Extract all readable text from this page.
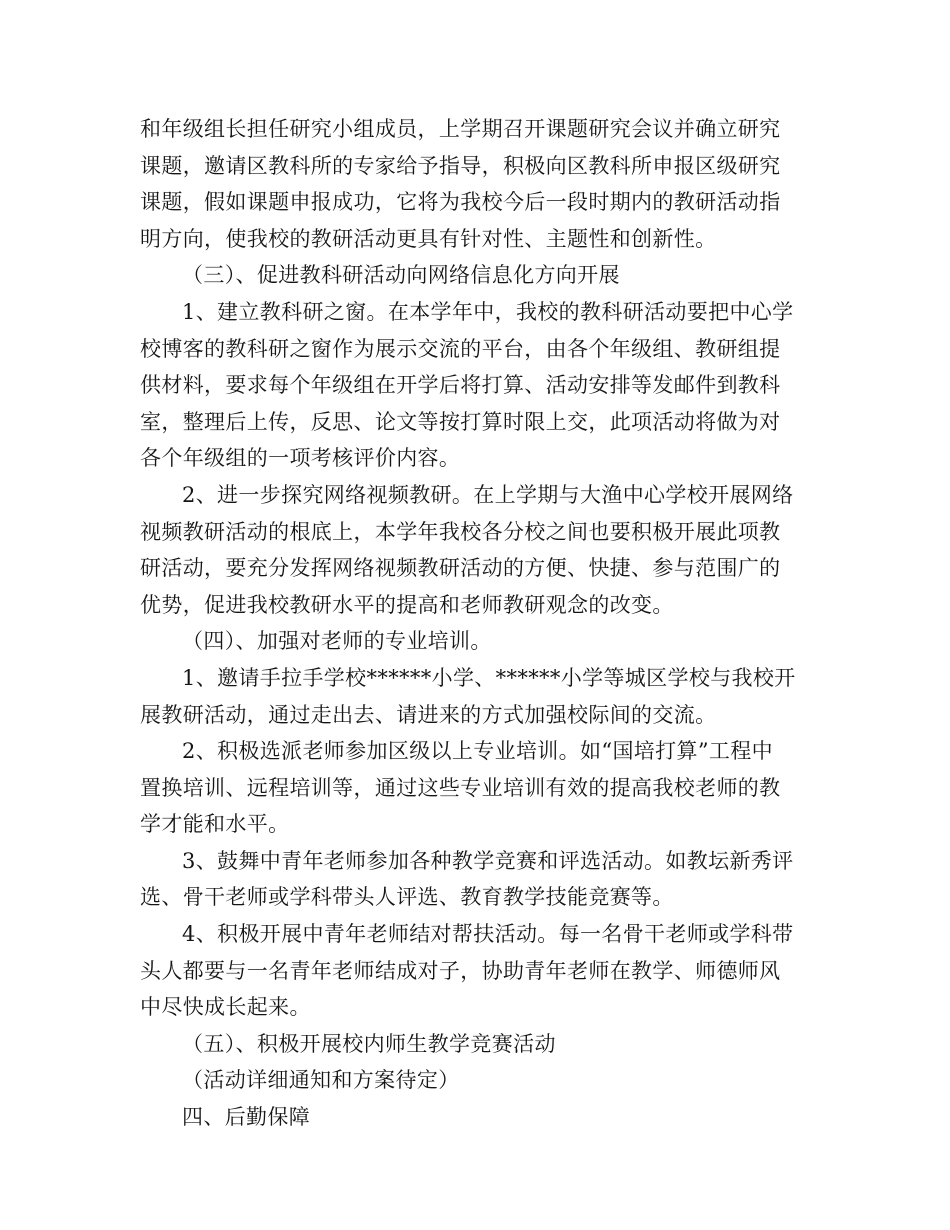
和年级组长担任研究小组成员，上学期召开课题研究会议并确立研究
课题，邀请区教科所的专家给予指导，积极向区教科所申报区级研究
课题，假如课题申报成功，它将为我校今后一段时期内的教研活动指
明方向，使我校的教研活动更具有针对性、主题性和创新性。

（三）、促进教科研活动向网络信息化方向开展

1、建立教科研之窗。在本学年中，我校的教科研活动要把中心学
校博客的教科研之窗作为展示交流的平台，由各个年级组、教研组提
供材料，要求每个年级组在开学后将打算、活动安排等发邮件到教科
室，整理后上传，反思、论文等按打算时限上交，此项活动将做为对
各个年级组的一项考核评价内容。

2、进一步探究网络视频教研。在上学期与大渔中心学校开展网络
视频教研活动的根底上，本学年我校各分校之间也要积极开展此项教
研活动，要充分发挥网络视频教研活动的方便、快捷、参与范围广的
优势，促进我校教研水平的提高和老师教研观念的改变。

（四）、加强对老师的专业培训。

1、邀请手拉手学校******小学、******小学等城区学校与我校开
展教研活动，通过走出去、请进来的方式加强校际间的交流。

2、积极选派老师参加区级以上专业培训。如“国培打算”工程中
置换培训、远程培训等，通过这些专业培训有效的提高我校老师的教
学才能和水平。

3、鼓舞中青年老师参加各种教学竞赛和评选活动。如教坛新秀评
选、骨干老师或学科带头人评选、教育教学技能竞赛等。

4、积极开展中青年老师结对帮扶活动。每一名骨干老师或学科带
头人都要与一名青年老师结成对子，协助青年老师在教学、师德师风
中尽快成长起来。

（五）、积极开展校内师生教学竞赛活动

（活动详细通知和方案待定）

四、后勤保障
